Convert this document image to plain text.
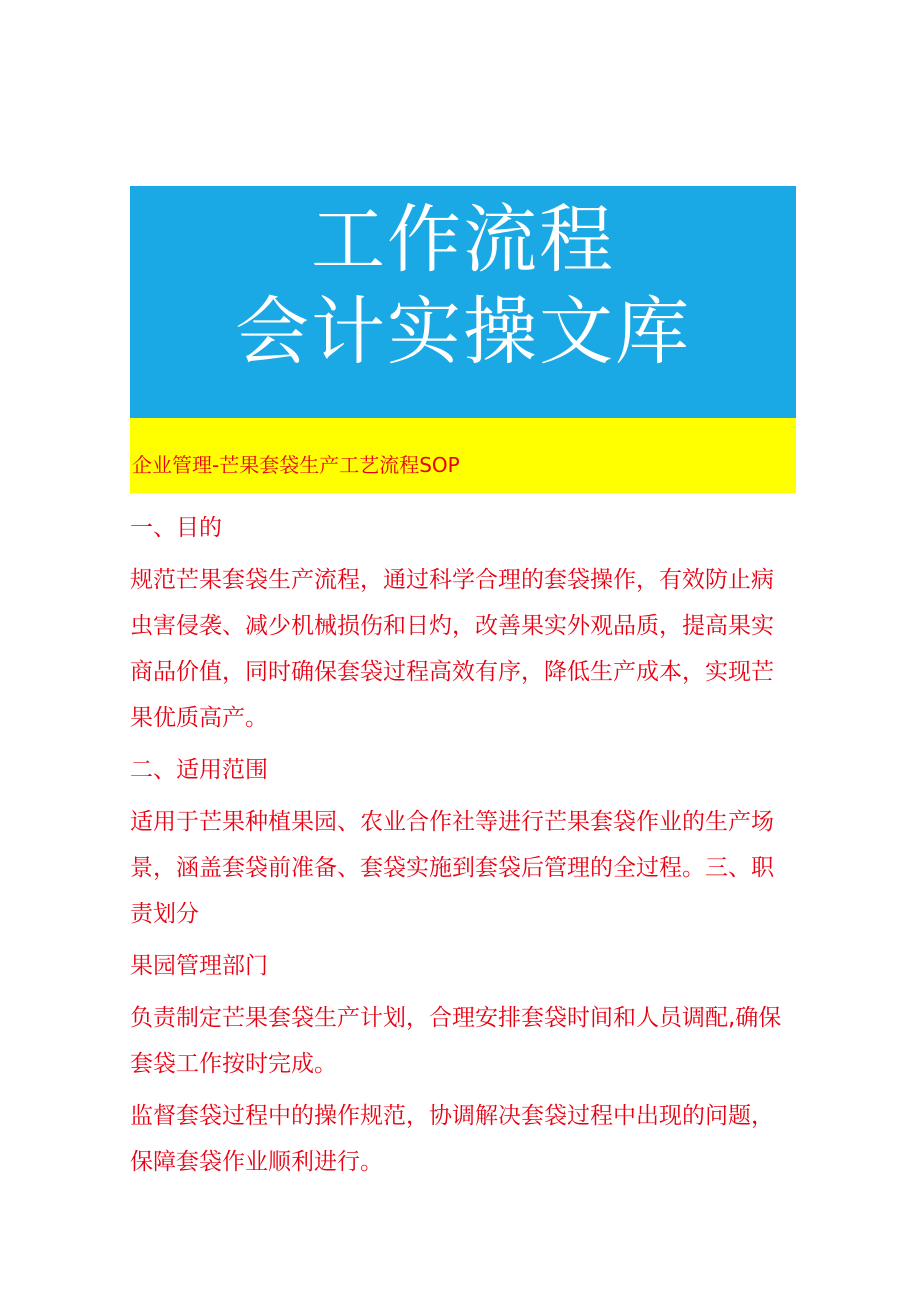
工作流程
会计实操文库
企业管理-芒果套袋生产工艺流程SOP

一、目的

规范芒果套袋生产流程，通过科学合理的套袋操作，有效防止病

虫害侵袭、减少机械损伤和日灼，改善果实外观品质，提高果实

商品价值，同时确保套袋过程高效有序，降低生产成本，实现芒

果优质高产。

二、适用范围

适用于芒果种植果园、农业合作社等进行芒果套袋作业的生产场

景，涵盖套袋前准备、套袋实施到套袋后管理的全过程。三、职

责划分

果园管理部门

负责制定芒果套袋生产计划，合理安排套袋时间和人员调配,确保

套袋工作按时完成。

监督套袋过程中的操作规范，协调解决套袋过程中出现的问题，

保障套袋作业顺利进行。
